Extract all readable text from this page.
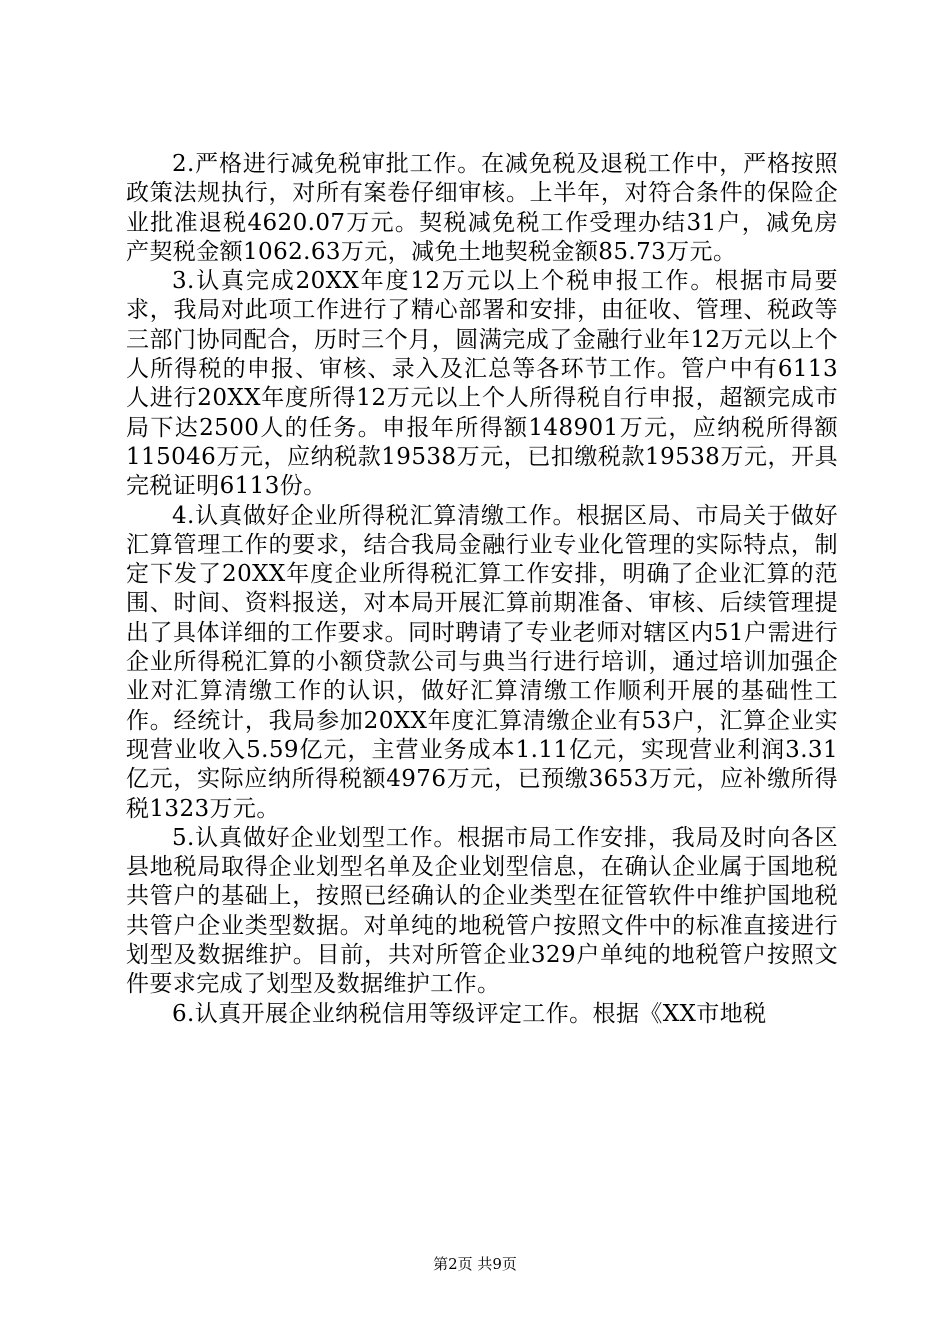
2.严格进行减免税审批工作。在减免税及退税工作中，严格按照政策法规执行，对所有案卷仔细审核。上半年，对符合条件的保险企业批准退税4620.07万元。契税减免税工作受理办结31户，减免房产契税金额1062.63万元，减免土地契税金额85.73万元。

3.认真完成20XX年度12万元以上个税申报工作。根据市局要求，我局对此项工作进行了精心部署和安排，由征收、管理、税政等三部门协同配合，历时三个月，圆满完成了金融行业年12万元以上个人所得税的申报、审核、录入及汇总等各环节工作。管户中有6113人进行20XX年度所得12万元以上个人所得税自行申报，超额完成市局下达2500人的任务。申报年所得额148901万元，应纳税所得额115046万元，应纳税款19538万元，已扣缴税款19538万元，开具完税证明6113份。

4.认真做好企业所得税汇算清缴工作。根据区局、市局关于做好汇算管理工作的要求，结合我局金融行业专业化管理的实际特点，制定下发了20XX年度企业所得税汇算工作安排，明确了企业汇算的范围、时间、资料报送，对本局开展汇算前期准备、审核、后续管理提出了具体详细的工作要求。同时聘请了专业老师对辖区内51户需进行企业所得税汇算的小额贷款公司与典当行进行培训，通过培训加强企业对汇算清缴工作的认识，做好汇算清缴工作顺利开展的基础性工作。经统计，我局参加20XX年度汇算清缴企业有53户，汇算企业实现营业收入5.59亿元，主营业务成本1.11亿元，实现营业利润3.31亿元，实际应纳所得税额4976万元，已预缴3653万元，应补缴所得税1323万元。

5.认真做好企业划型工作。根据市局工作安排，我局及时向各区县地税局取得企业划型名单及企业划型信息，在确认企业属于国地税共管户的基础上，按照已经确认的企业类型在征管软件中维护国地税共管户企业类型数据。对单纯的地税管户按照文件中的标准直接进行划型及数据维护。目前，共对所管企业329户单纯的地税管户按照文件要求完成了划型及数据维护工作。

6.认真开展企业纳税信用等级评定工作。根据《XX市地税

第2页 共9页
